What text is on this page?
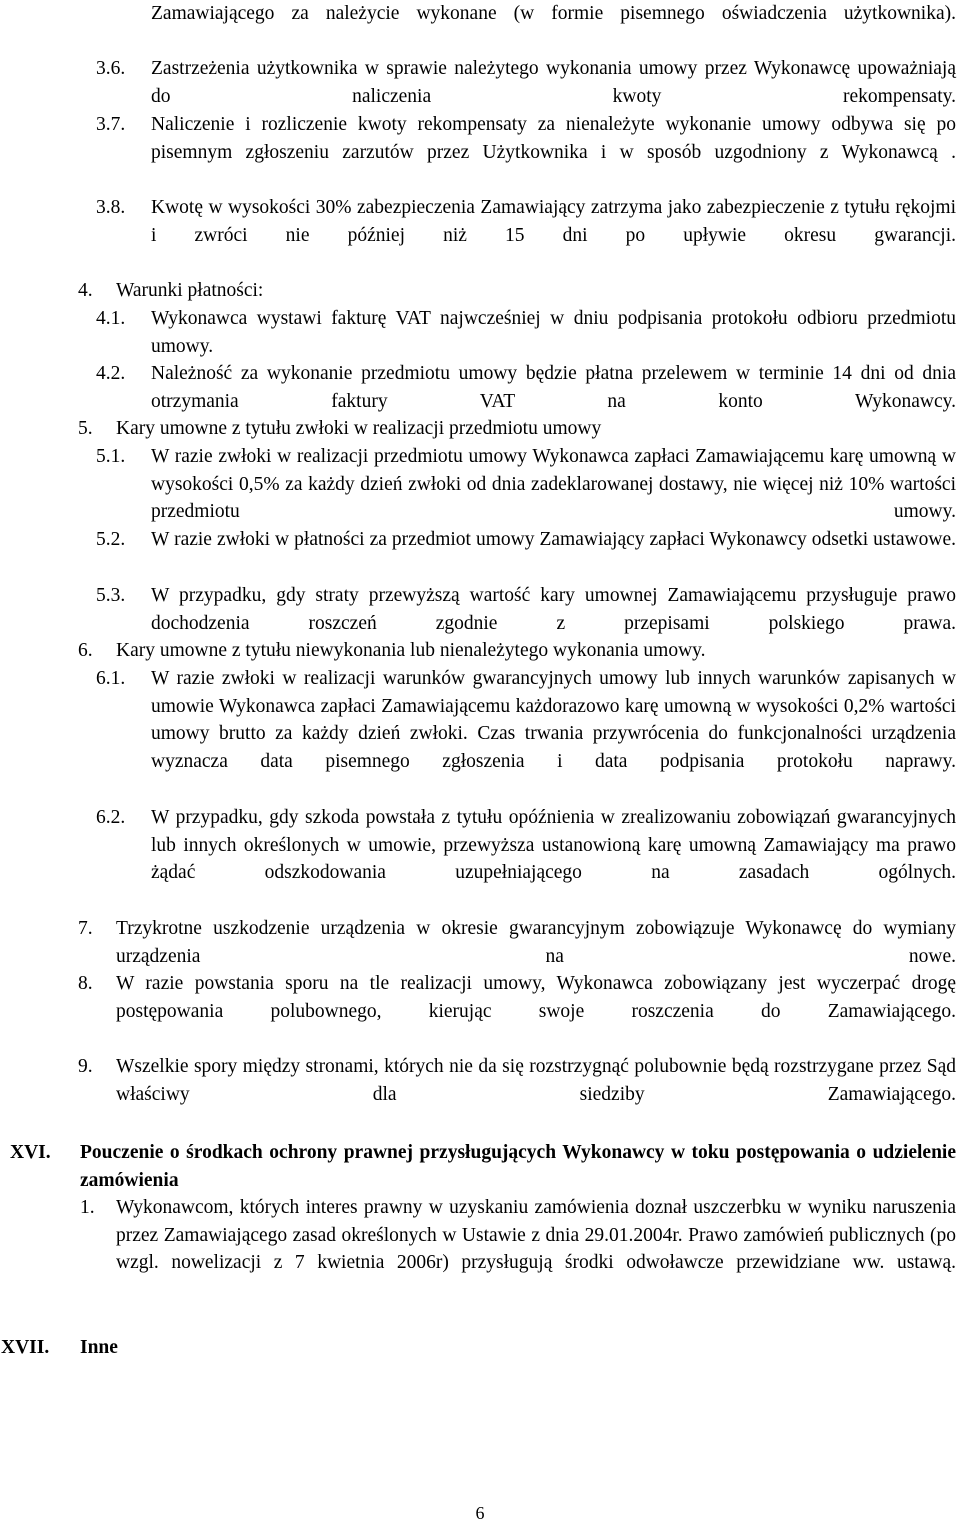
Zamawiającego za należycie wykonane (w formie pisemnego oświadczenia użytkownika).
3.6. Zastrzeżenia użytkownika w sprawie należytego wykonania umowy przez Wykonawcę upoważniają do naliczenia kwoty rekompensaty.
3.7. Naliczenie i rozliczenie kwoty rekompensaty za nienależyte wykonanie umowy odbywa się po pisemnym zgłoszeniu zarzutów przez Użytkownika i w sposób uzgodniony z Wykonawcą .
3.8. Kwotę w wysokości 30% zabezpieczenia Zamawiający zatrzyma jako zabezpieczenie z tytułu rękojmi i zwróci nie później niż 15 dni po upływie okresu gwarancji.
4. Warunki płatności:
4.1. Wykonawca wystawi fakturę VAT najwcześniej w dniu podpisania protokołu odbioru przedmiotu umowy.
4.2. Należność za wykonanie przedmiotu umowy będzie płatna przelewem w terminie 14 dni od dnia otrzymania faktury VAT na konto Wykonawcy.
5. Kary umowne z tytułu zwłoki w realizacji przedmiotu umowy
5.1. W razie zwłoki w realizacji przedmiotu umowy Wykonawca zapłaci Zamawiającemu karę umowną w wysokości 0,5% za każdy dzień zwłoki od dnia zadeklarowanej dostawy, nie więcej niż 10% wartości przedmiotu umowy.
5.2. W razie zwłoki w płatności za przedmiot umowy Zamawiający zapłaci Wykonawcy odsetki ustawowe.
5.3. W przypadku, gdy straty przewyższą wartość kary umownej Zamawiającemu przysługuje prawo dochodzenia roszczeń zgodnie z przepisami polskiego prawa.
6. Kary umowne z tytułu niewykonania lub nienależytego wykonania umowy.
6.1. W razie zwłoki w realizacji warunków gwarancyjnych umowy lub innych warunków zapisanych w umowie Wykonawca zapłaci Zamawiającemu każdorazowo karę umowną w wysokości 0,2% wartości umowy brutto za każdy dzień zwłoki. Czas trwania przywrócenia do funkcjonalności urządzenia wyznacza data pisemnego zgłoszenia i data podpisania protokołu naprawy.
6.2. W przypadku, gdy szkoda powstała z tytułu opóźnienia w zrealizowaniu zobowiązań gwarancyjnych lub innych określonych w umowie, przewyższa ustanowioną karę umowną Zamawiający ma prawo żądać odszkodowania uzupełniającego na zasadach ogólnych.
7. Trzykrotne uszkodzenie urządzenia w okresie gwarancyjnym zobowiązuje Wykonawcę do wymiany urządzenia na nowe.
8. W razie powstania sporu na tle realizacji umowy, Wykonawca zobowiązany jest wyczerpać drogę postępowania polubownego, kierując swoje roszczenia do Zamawiającego.
9. Wszelkie spory między stronami, których nie da się rozstrzygnąć polubownie będą rozstrzygane przez Sąd właściwy dla siedziby Zamawiającego.
XVI. Pouczenie o środkach ochrony prawnej przysługujących Wykonawcy w toku postępowania o udzielenie zamówienia
1. Wykonawcom, których interes prawny w uzyskaniu zamówienia doznał uszczerbku w wyniku naruszenia przez Zamawiającego zasad określonych w Ustawie z dnia 29.01.2004r. Prawo zamówień publicznych (po wzgl. nowelizacji z 7 kwietnia 2006r) przysługują środki odwoławcze przewidziane ww. ustawą.
XVII. Inne
6
